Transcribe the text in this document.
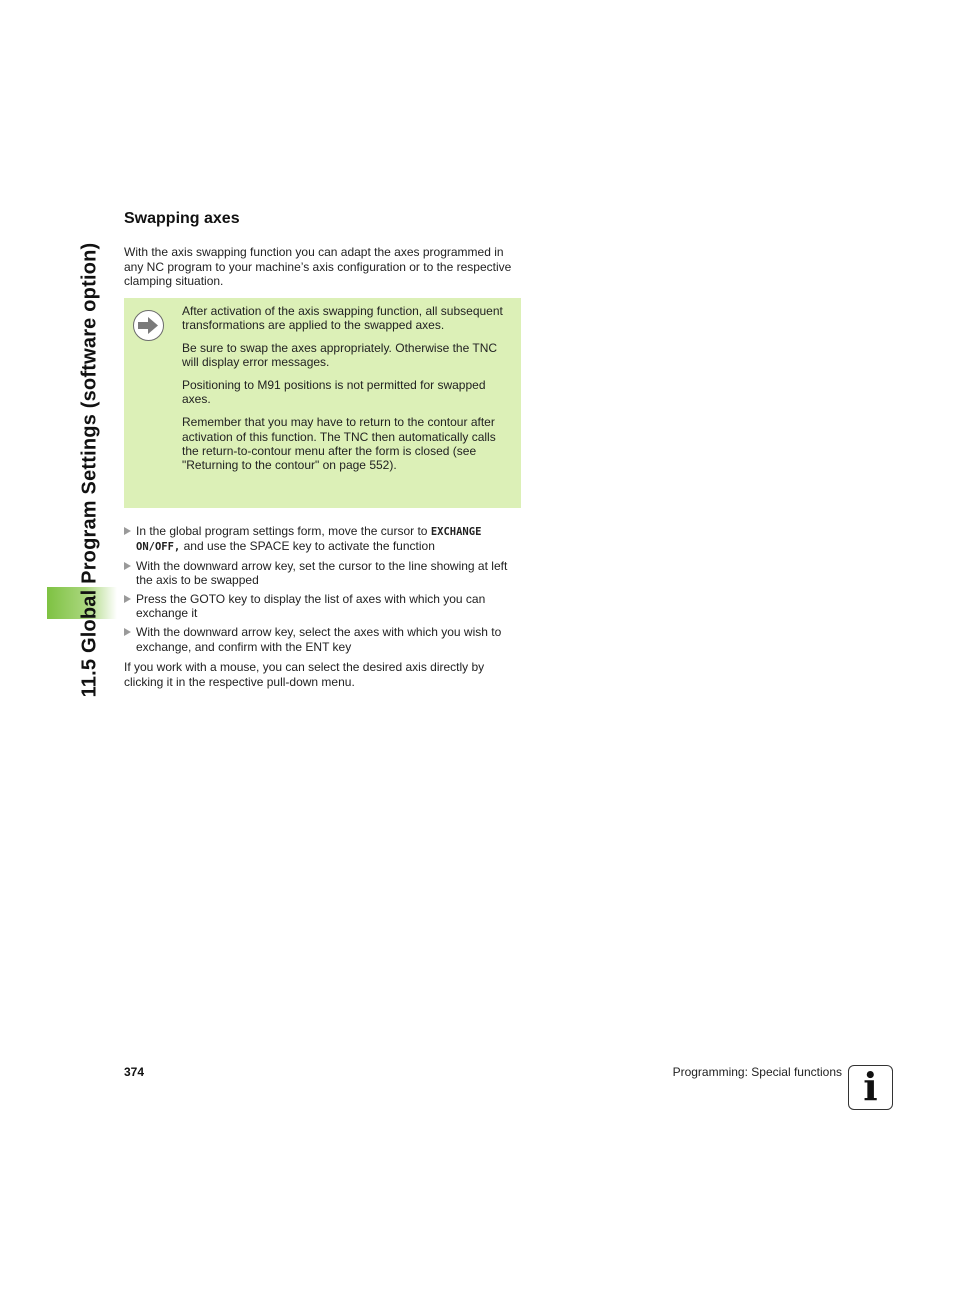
11.5 Global Program Settings (software option)
Swapping axes

With the axis swapping function you can adapt the axes programmed in any NC program to your machine’s axis configuration or to the respective clamping situation.

After activation of the axis swapping function, all subsequent transformations are applied to the swapped axes.

Be sure to swap the axes appropriately. Otherwise the TNC will display error messages.

Positioning to M91 positions is not permitted for swapped axes.

Remember that you may have to return to the contour after activation of this function. The TNC then automatically calls the return-to-contour menu after the form is closed (see "Returning to the contour" on page 552).

In the global program settings form, move the cursor to EXCHANGE ON/OFF, and use the SPACE key to activate the function
With the downward arrow key, set the cursor to the line showing at left the axis to be swapped
Press the GOTO key to display the list of axes with which you can exchange it
With the downward arrow key, select the axes with which you wish to exchange, and confirm with the ENT key

If you work with a mouse, you can select the desired axis directly by clicking it in the respective pull-down menu.

374	Programming: Special functions i
